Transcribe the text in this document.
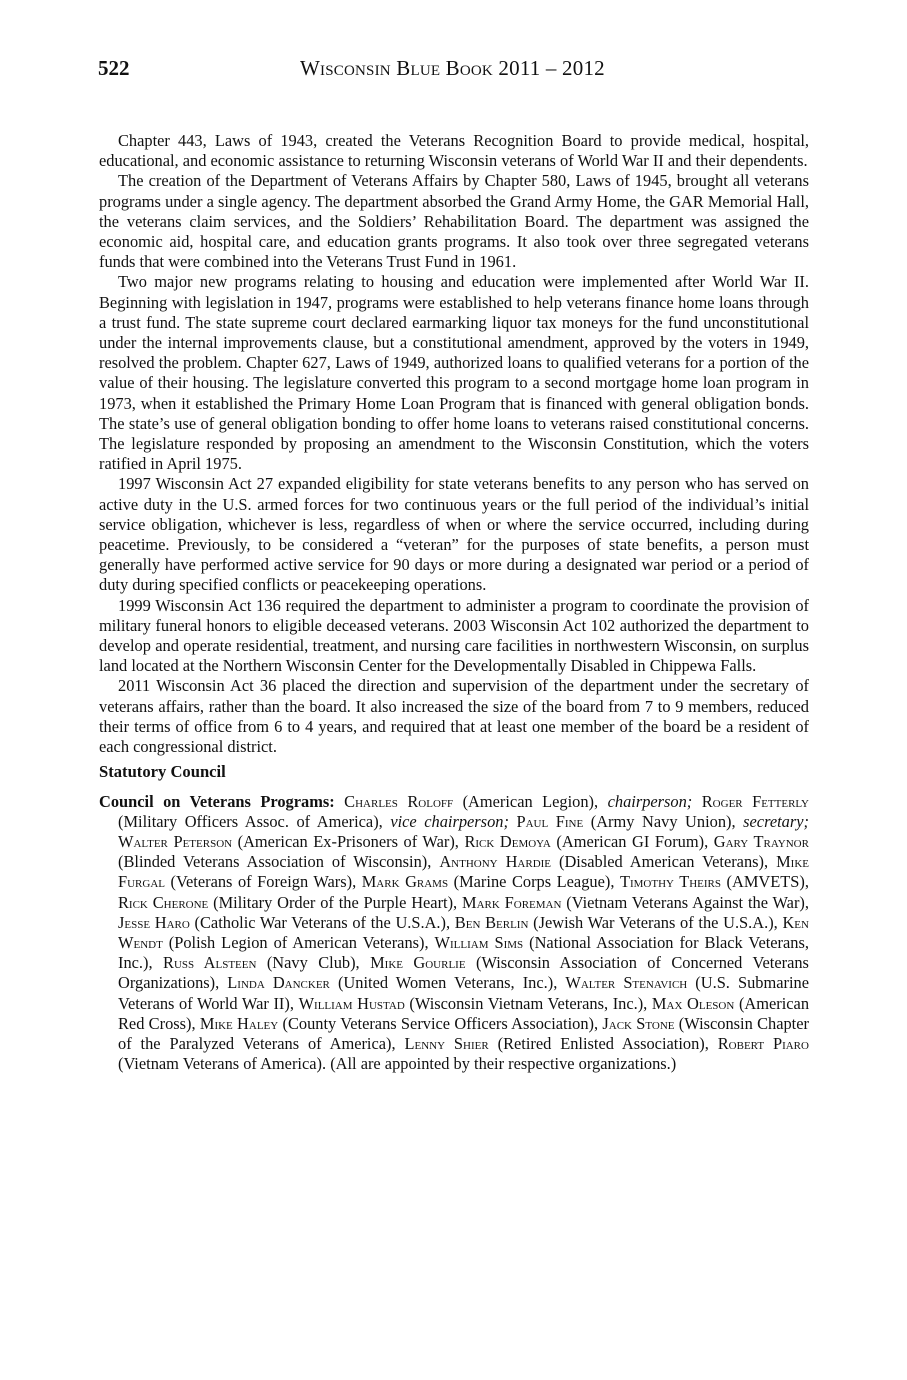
522	Wisconsin Blue Book 2011 – 2012

Chapter 443, Laws of 1943, created the Veterans Recognition Board to provide medical, hospital, educational, and economic assistance to returning Wisconsin veterans of World War II and their dependents.

The creation of the Department of Veterans Affairs by Chapter 580, Laws of 1945, brought all veterans programs under a single agency. The department absorbed the Grand Army Home, the GAR Memorial Hall, the veterans claim services, and the Soldiers’ Rehabilitation Board. The department was assigned the economic aid, hospital care, and education grants programs. It also took over three segregated veterans funds that were combined into the Veterans Trust Fund in 1961.

Two major new programs relating to housing and education were implemented after World War II. Beginning with legislation in 1947, programs were established to help veterans finance home loans through a trust fund. The state supreme court declared earmarking liquor tax moneys for the fund unconstitutional under the internal improvements clause, but a constitutional amendment, approved by the voters in 1949, resolved the problem. Chapter 627, Laws of 1949, authorized loans to qualified veterans for a portion of the value of their housing. The legislature converted this program to a second mortgage home loan program in 1973, when it established the Primary Home Loan Program that is financed with general obligation bonds. The state’s use of general obligation bonding to offer home loans to veterans raised constitutional concerns. The legislature responded by proposing an amendment to the Wisconsin Constitution, which the voters ratified in April 1975.

1997 Wisconsin Act 27 expanded eligibility for state veterans benefits to any person who has served on active duty in the U.S. armed forces for two continuous years or the full period of the individual’s initial service obligation, whichever is less, regardless of when or where the service occurred, including during peacetime. Previously, to be considered a “veteran” for the purposes of state benefits, a person must generally have performed active service for 90 days or more during a designated war period or a period of duty during specified conflicts or peacekeeping operations.

1999 Wisconsin Act 136 required the department to administer a program to coordinate the provision of military funeral honors to eligible deceased veterans. 2003 Wisconsin Act 102 authorized the department to develop and operate residential, treatment, and nursing care facilities in northwestern Wisconsin, on surplus land located at the Northern Wisconsin Center for the Developmentally Disabled in Chippewa Falls.

2011 Wisconsin Act 36 placed the direction and supervision of the department under the secretary of veterans affairs, rather than the board. It also increased the size of the board from 7 to 9 members, reduced their terms of office from 6 to 4 years, and required that at least one member of the board be a resident of each congressional district.

Statutory Council

Council on Veterans Programs: Charles Roloff (American Legion), chairperson; Roger Fetterly (Military Officers Assoc. of America), vice chairperson; Paul Fine (Army Navy Union), secretary; Walter Peterson (American Ex-Prisoners of War), Rick Demoya (American GI Forum), Gary Traynor (Blinded Veterans Association of Wisconsin), Anthony Hardie (Disabled American Veterans), Mike Furgal (Veterans of Foreign Wars), Mark Grams (Marine Corps League), Timothy Theirs (AMVETS), Rick Cherone (Military Order of the Purple Heart), Mark Foreman (Vietnam Veterans Against the War), Jesse Haro (Catholic War Veterans of the U.S.A.), Ben Berlin (Jewish War Veterans of the U.S.A.), Ken Wendt (Polish Legion of American Veterans), William Sims (National Association for Black Veterans, Inc.), Russ Alsteen (Navy Club), Mike Gourlie (Wisconsin Association of Concerned Veterans Organizations), Linda Dancker (United Women Veterans, Inc.), Walter Stenavich (U.S. Submarine Veterans of World War II), William Hustad (Wisconsin Vietnam Veterans, Inc.), Max Oleson (American Red Cross), Mike Haley (County Veterans Service Officers Association), Jack Stone (Wisconsin Chapter of the Paralyzed Veterans of America), Lenny Shier (Retired Enlisted Association), Robert Piaro (Vietnam Veterans of America). (All are appointed by their respective organizations.)
